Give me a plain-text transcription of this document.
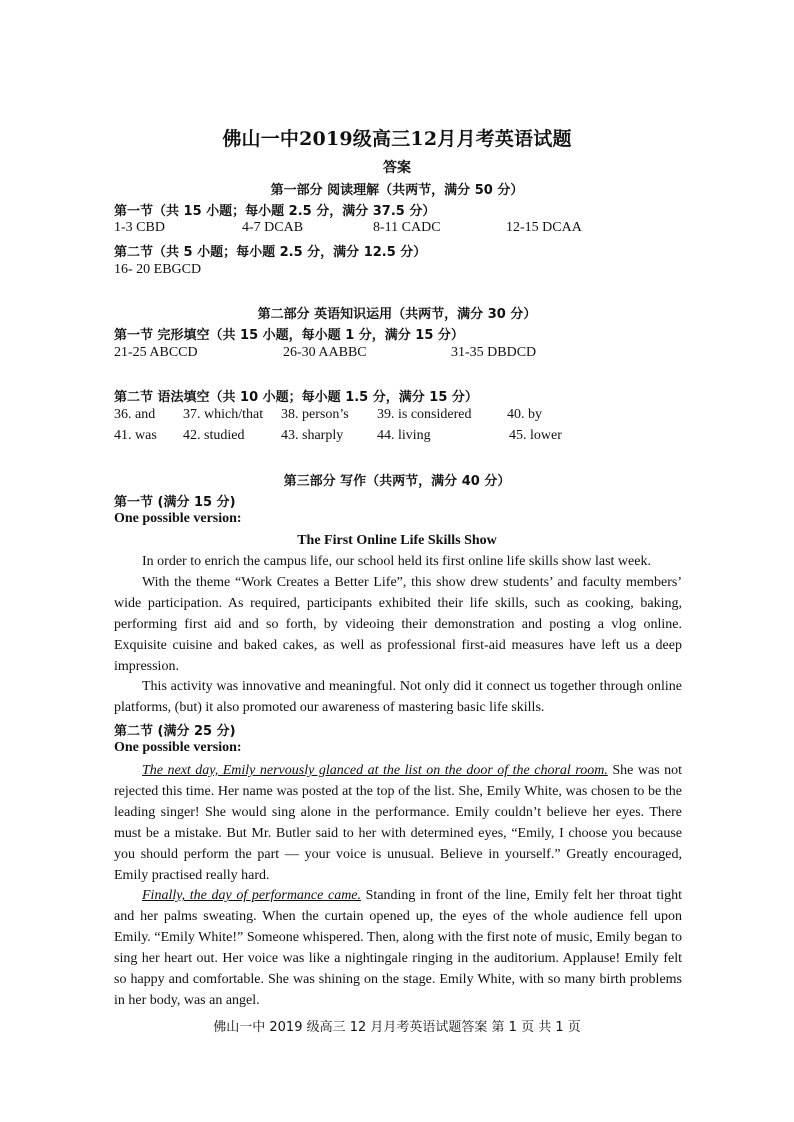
佛山一中2019级高三12月月考英语试题
答案
第一部分 阅读理解（共两节，满分 50 分）
第一节（共 15 小题；每小题 2.5 分，满分 37.5 分）
1-3 CBD	4-7 DCAB	8-11 CADC	12-15 DCAA
第二节（共 5 小题；每小题 2.5 分，满分 12.5 分）
16- 20 EBGCD
第二部分 英语知识运用（共两节，满分 30 分）
第一节 完形填空（共 15 小题，每小题 1 分，满分 15 分）
21-25 ABCCD	26-30 AABBC	31-35 DBDCD
第二节 语法填空（共 10 小题；每小题 1.5 分，满分 15 分）
36. and 37. which/that 38. person’s 39. is considered	40. by
41. was 42. studied	43. sharply 44. living	45. lower
第三部分 写作（共两节，满分 40 分）
第一节 (满分 15 分)
One possible version:
The First Online Life Skills Show

In order to enrich the campus life, our school held its first online life skills show last week.

With the theme “Work Creates a Better Life”, this show drew students’ and faculty members’ wide participation. As required, participants exhibited their life skills, such as cooking, baking, performing first aid and so forth, by videoing their demonstration and posting a vlog online. Exquisite cuisine and baked cakes, as well as professional first-aid measures have left us a deep impression.

This activity was innovative and meaningful. Not only did it connect us together through online platforms, (but) it also promoted our awareness of mastering basic life skills.

第二节 (满分 25 分)
One possible version:

The next day, Emily nervously glanced at the list on the door of the choral room. She was not rejected this time. Her name was posted at the top of the list. She, Emily White, was chosen to be the leading singer! She would sing alone in the performance. Emily couldn’t believe her eyes. There must be a mistake. But Mr. Butler said to her with determined eyes, “Emily, I choose you because you should perform the part — your voice is unusual. Believe in yourself.” Greatly encouraged, Emily practised really hard.

Finally, the day of performance came. Standing in front of the line, Emily felt her throat tight and her palms sweating. When the curtain opened up, the eyes of the whole audience fell upon Emily. “Emily White!” Someone whispered. Then, along with the first note of music, Emily began to sing her heart out. Her voice was like a nightingale ringing in the auditorium. Applause! Emily felt so happy and comfortable. She was shining on the stage. Emily White, with so many birth problems in her body, was an angel.

佛山一中 2019 级高三 12 月月考英语试题答案 第 1 页 共 1 页
